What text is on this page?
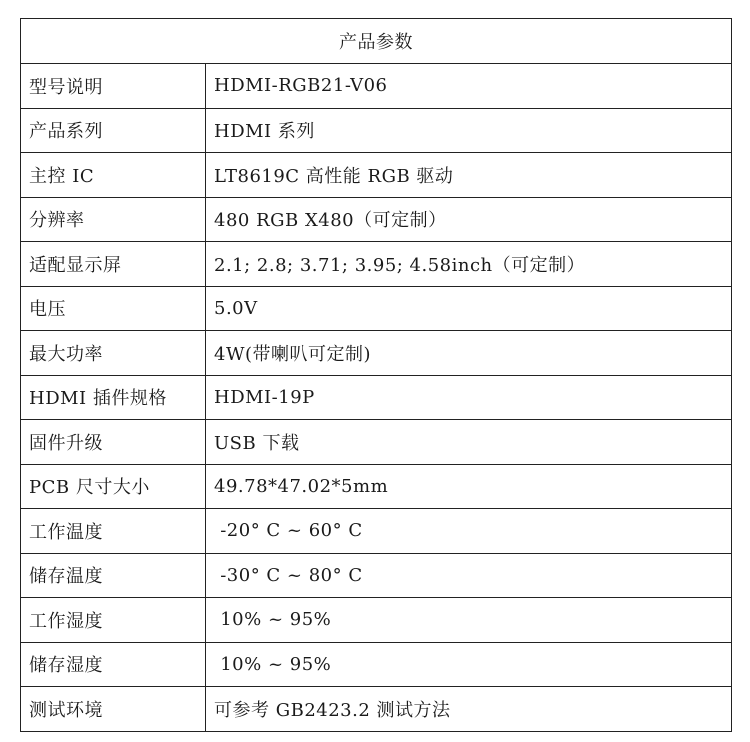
产品参数	
型号说明	HDMI-RGB21-V06
产品系列	HDMI 系列
主控 IC	LT8619C 高性能 RGB 驱动
分辨率	480 RGB X480（可定制）
适配显示屏	2.1; 2.8; 3.71; 3.95; 4.58inch（可定制）
电压	5.0V
最大功率	4W(带喇叭可定制)
HDMI 插件规格	HDMI-19P
固件升级	USB 下载
PCB 尺寸大小	49.78*47.02*5mm
工作温度	-20° C ~ 60° C
储存温度	-30° C ~ 80° C
工作湿度	10% ~ 95%
储存湿度	10% ~ 95%
测试环境	可参考 GB2423.2 测试方法
